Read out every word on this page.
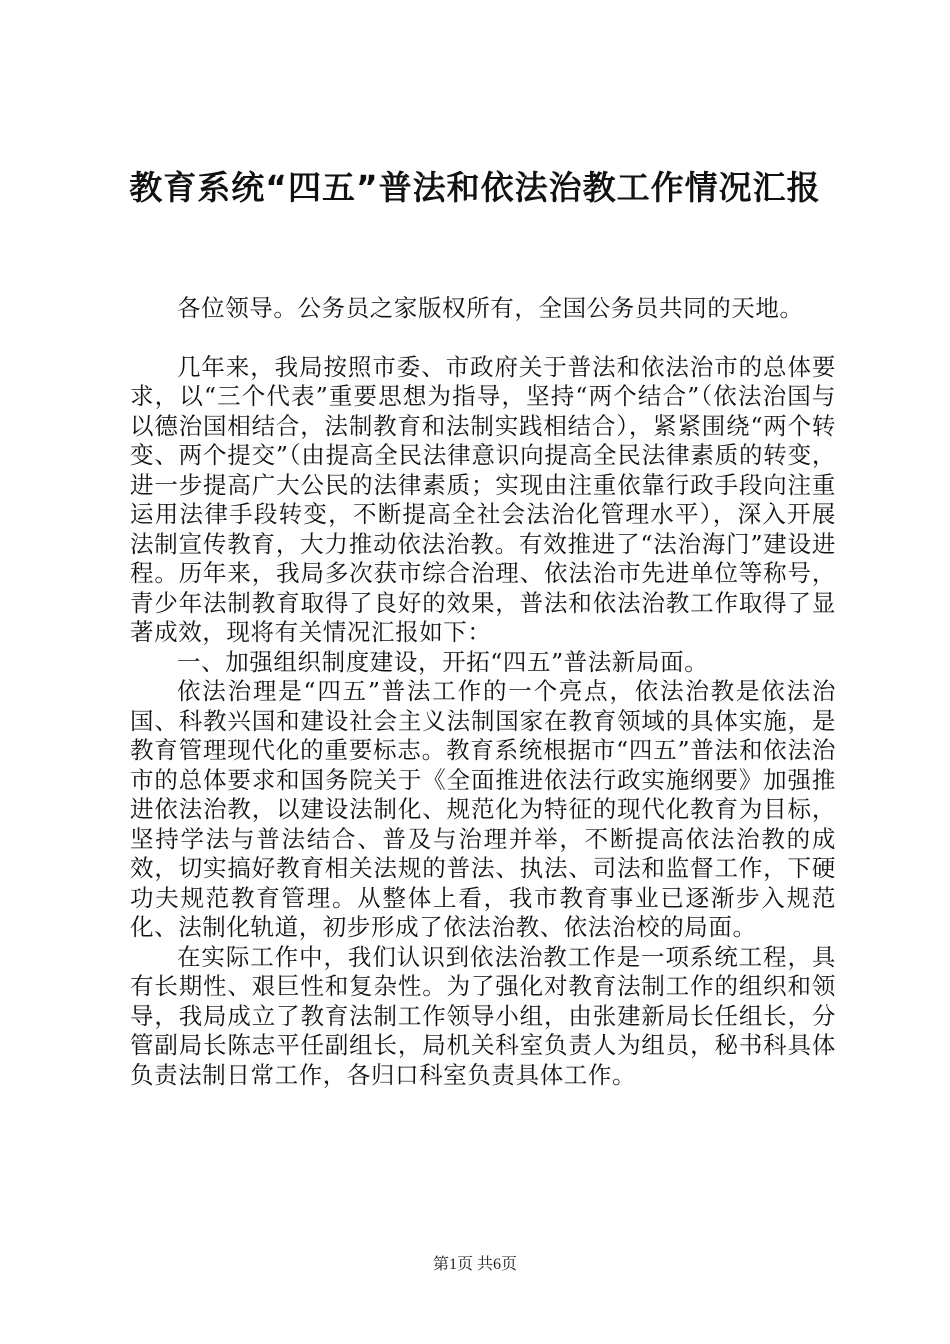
教育系统“四五”普法和依法治教工作情况汇报

各位领导。公务员之家版权所有，全国公务员共同的天地。

几年来，我局按照市委、市政府关于普法和依法治市的总体要求，以“三个代表”重要思想为指导，坚持“两个结合”（依法治国与以德治国相结合，法制教育和法制实践相结合），紧紧围绕“两个转变、两个提交”（由提高全民法律意识向提高全民法律素质的转变，进一步提高广大公民的法律素质；实现由注重依靠行政手段向注重运用法律手段转变，不断提高全社会法治化管理水平），深入开展法制宣传教育，大力推动依法治教。有效推进了“法治海门”建设进程。历年来，我局多次获市综合治理、依法治市先进单位等称号，青少年法制教育取得了良好的效果，普法和依法治教工作取得了显著成效，现将有关情况汇报如下：

一、加强组织制度建设，开拓“四五”普法新局面。

依法治理是“四五”普法工作的一个亮点，依法治教是依法治国、科教兴国和建设社会主义法制国家在教育领域的具体实施，是教育管理现代化的重要标志。教育系统根据市“四五”普法和依法治市的总体要求和国务院关于《全面推进依法行政实施纲要》加强推进依法治教，以建设法制化、规范化为特征的现代化教育为目标，坚持学法与普法结合、普及与治理并举，不断提高依法治教的成效，切实搞好教育相关法规的普法、执法、司法和监督工作，下硬功夫规范教育管理。从整体上看，我市教育事业已逐渐步入规范化、法制化轨道，初步形成了依法治教、依法治校的局面。

在实际工作中，我们认识到依法治教工作是一项系统工程，具有长期性、艰巨性和复杂性。为了强化对教育法制工作的组织和领导，我局成立了教育法制工作领导小组，由张建新局长任组长，分管副局长陈志平任副组长，局机关科室负责人为组员，秘书科具体负责法制日常工作，各归口科室负责具体工作。

第1页 共6页
